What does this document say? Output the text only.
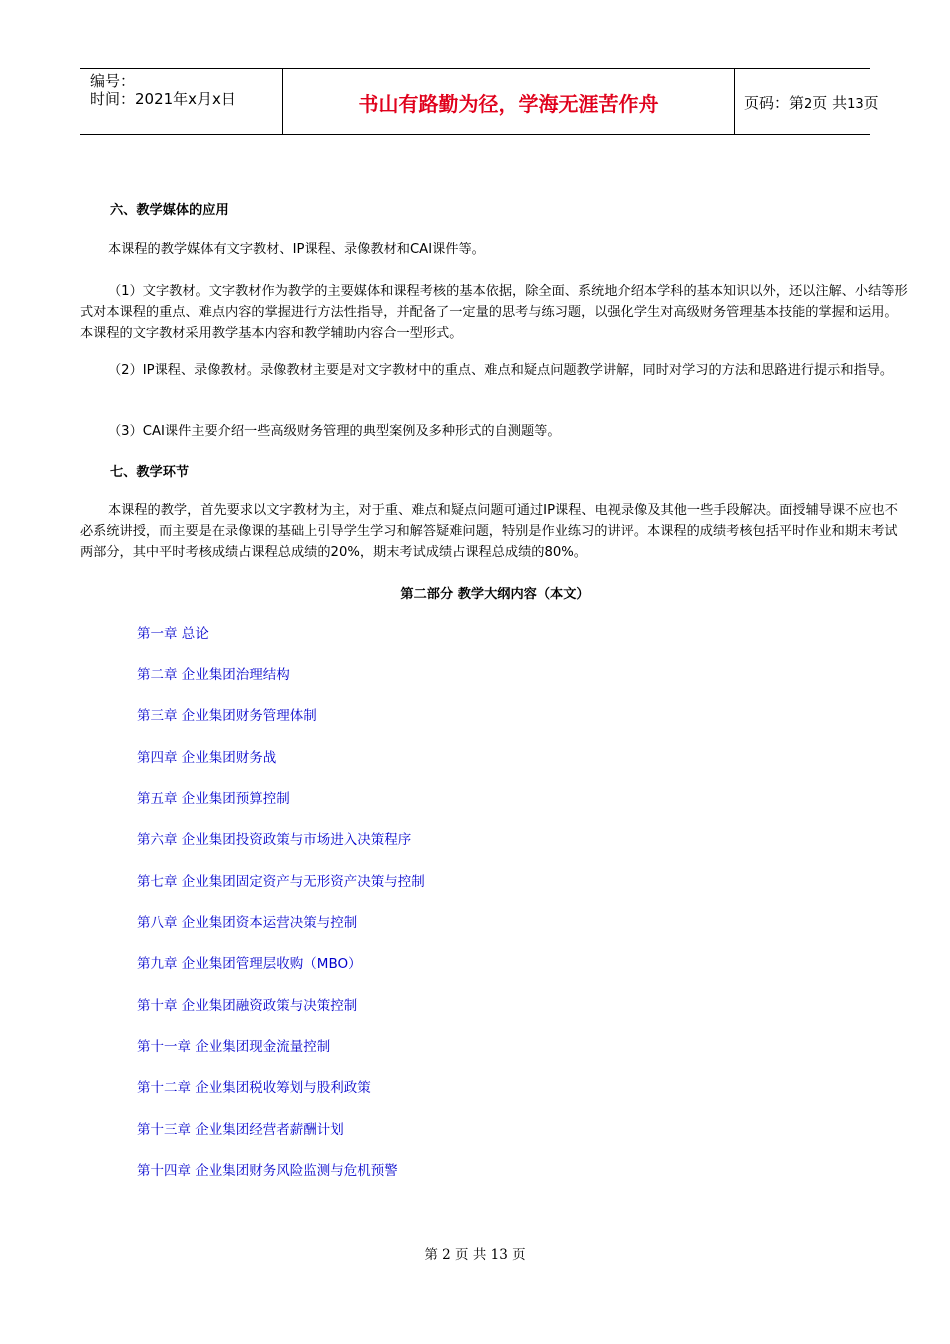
编号：
时间：2021年x月x日	书山有路勤为径，学海无涯苦作舟	页码：第2页 共13页
六、教学媒体的应用
本课程的教学媒体有文字教材、IP课程、录像教材和CAI课件等。
（1）文字教材。文字教材作为教学的主要媒体和课程考核的基本依据，除全面、系统地介绍本学科的基本知识以外，还以注解、小结等形式对本课程的重点、难点内容的掌握进行方法性指导，并配备了一定量的思考与练习题，以强化学生对高级财务管理基本技能的掌握和运用。本课程的文字教材采用教学基本内容和教学辅助内容合一型形式。
（2）IP课程、录像教材。录像教材主要是对文字教材中的重点、难点和疑点问题教学讲解，同时对学习的方法和思路进行提示和指导。
（3）CAI课件主要介绍一些高级财务管理的典型案例及多种形式的自测题等。
七、教学环节
本课程的教学，首先要求以文字教材为主，对于重、难点和疑点问题可通过IP课程、电视录像及其他一些手段解决。面授辅导课不应也不必系统讲授，而主要是在录像课的基础上引导学生学习和解答疑难问题，特别是作业练习的讲评。本课程的成绩考核包括平时作业和期末考试两部分，其中平时考核成绩占课程总成绩的20%，期末考试成绩占课程总成绩的80%。
第二部分 教学大纲内容（本文）
第一章 总论
第二章 企业集团治理结构
第三章 企业集团财务管理体制
第四章 企业集团财务战
第五章 企业集团预算控制
第六章 企业集团投资政策与市场进入决策程序
第七章 企业集团固定资产与无形资产决策与控制
第八章 企业集团资本运营决策与控制
第九章 企业集团管理层收购（MBO）
第十章 企业集团融资政策与决策控制
第十一章 企业集团现金流量控制
第十二章 企业集团税收筹划与股利政策
第十三章 企业集团经营者薪酬计划
第十四章 企业集团财务风险监测与危机预警
第 2 页 共 13 页
